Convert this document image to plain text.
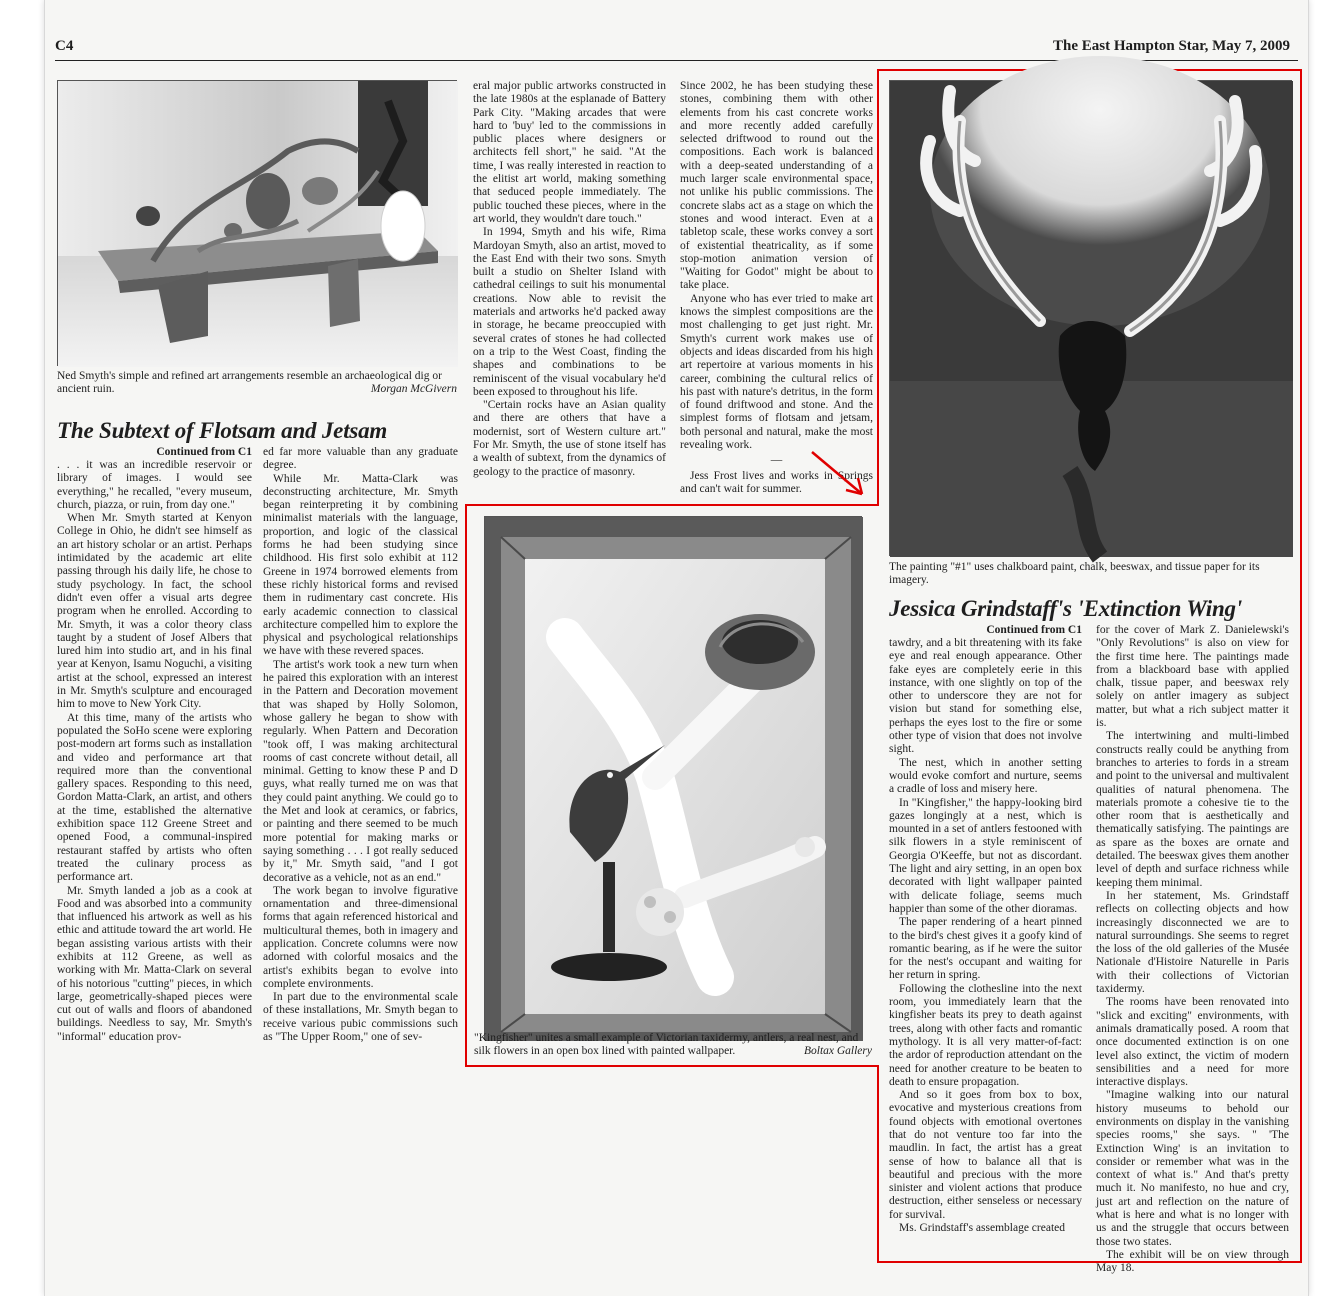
C4	The East Hampton Star, May 7, 2009
Ned Smyth's simple and refined art arrangements resemble an archaeological dig or ancient ruin.	Morgan McGivern
The Subtext of Flotsam and Jetsam
Continued from C1

. . . it was an incredible reservoir or library of images. I would see everything," he recalled, "every museum, church, piazza, or ruin, from day one."

When Mr. Smyth started at Kenyon College in Ohio, he didn't see himself as an art history scholar or an artist. Perhaps intimidated by the academic art elite passing through his daily life, he chose to study psychology. In fact, the school didn't even offer a visual arts degree program when he enrolled. According to Mr. Smyth, it was a color theory class taught by a student of Josef Albers that lured him into studio art, and in his final year at Kenyon, Isamu Noguchi, a visiting artist at the school, expressed an interest in Mr. Smyth's sculpture and encouraged him to move to New York City.

At this time, many of the artists who populated the SoHo scene were exploring post-modern art forms such as installation and video and performance art that required more than the conventional gallery spaces. Responding to this need, Gordon Matta-Clark, an artist, and others at the time, established the alternative exhibition space 112 Greene Street and opened Food, a communal-inspired restaurant staffed by artists who often treated the culinary process as performance art.

Mr. Smyth landed a job as a cook at Food and was absorbed into a community that influenced his artwork as well as his ethic and attitude toward the art world. He began assisting various artists with their exhibits at 112 Greene, as well as working with Mr. Matta-Clark on several of his notorious "cutting" pieces, in which large, geometrically-shaped pieces were cut out of walls and floors of abandoned buildings. Needless to say, Mr. Smyth's "informal" education prov-

ed far more valuable than any graduate degree.

While Mr. Matta-Clark was deconstructing architecture, Mr. Smyth began reinterpreting it by combining minimalist materials with the language, proportion, and logic of the classical forms he had been studying since childhood. His first solo exhibit at 112 Greene in 1974 borrowed elements from these richly historical forms and revised them in rudimentary cast concrete. His early academic connection to classical architecture compelled him to explore the physical and psychological relationships we have with these revered spaces.

The artist's work took a new turn when he paired this exploration with an interest in the Pattern and Decoration movement that was shaped by Holly Solomon, whose gallery he began to show with regularly. When Pattern and Decoration "took off, I was making architectural rooms of cast concrete without detail, all minimal. Getting to know these P and D guys, what really turned me on was that they could paint anything. We could go to the Met and look at ceramics, or fabrics, or painting and there seemed to be much more potential for making marks or saying something . . . I got really seduced by it," Mr. Smyth said, "and I got decorative as a vehicle, not as an end."

The work began to involve figurative ornamentation and three-dimensional forms that again referenced historical and multicultural themes, both in imagery and application. Concrete columns were now adorned with colorful mosaics and the artist's exhibits began to evolve into complete environments.

In part due to the environmental scale of these installations, Mr. Smyth began to receive various pubic commissions such as "The Upper Room," one of sev-

eral major public artworks constructed in the late 1980s at the esplanade of Battery Park City. "Making arcades that were hard to 'buy' led to the commissions in public places where designers or architects fell short," he said. "At the time, I was really interested in reaction to the elitist art world, making something that seduced people immediately. The public touched these pieces, where in the art world, they wouldn't dare touch."

In 1994, Smyth and his wife, Rima Mardoyan Smyth, also an artist, moved to the East End with their two sons. Smyth built a studio on Shelter Island with cathedral ceilings to suit his monumental creations. Now able to revisit the materials and artworks he'd packed away in storage, he became preoccupied with several crates of stones he had collected on a trip to the West Coast, finding the shapes and combinations to be reminiscent of the visual vocabulary he'd been exposed to throughout his life.

"Certain rocks have an Asian quality and there are others that have a modernist, sort of Western culture art." For Mr. Smyth, the use of stone itself has a wealth of subtext, from the dynamics of geology to the practice of masonry.

Since 2002, he has been studying these stones, combining them with other elements from his cast concrete works and more recently added carefully selected driftwood to round out the compositions. Each work is balanced with a deep-seated understanding of a much larger scale environmental space, not unlike his public commissions. The concrete slabs act as a stage on which the stones and wood interact. Even at a tabletop scale, these works convey a sort of existential theatricality, as if some stop-motion animation version of "Waiting for Godot" might be about to take place.

Anyone who has ever tried to make art knows the simplest compositions are the most challenging to get just right. Mr. Smyth's current work makes use of objects and ideas discarded from his high art repertoire at various moments in his career, combining the cultural relics of his past with nature's detritus, in the form of found driftwood and stone. And the simplest forms of flotsam and jetsam, both personal and natural, make the most revealing work.

—

Jess Frost lives and works in Springs and can't wait for summer.

The painting "#1" uses chalkboard paint, chalk, beeswax, and tissue paper for its imagery.
Jessica Grindstaff's 'Extinction Wing'
"Kingfisher" unites a small example of Victorian taxidermy, antlers, a real nest, and silk flowers in an open box lined with painted wallpaper.	Boltax Gallery
Continued from C1

tawdry, and a bit threatening with its fake eye and real enough appearance. Other fake eyes are completely eerie in this instance, with one slightly on top of the other to underscore they are not for vision but stand for something else, perhaps the eyes lost to the fire or some other type of vision that does not involve sight.

The nest, which in another setting would evoke comfort and nurture, seems a cradle of loss and misery here.

In "Kingfisher," the happy-looking bird gazes longingly at a nest, which is mounted in a set of antlers festooned with silk flowers in a style reminiscent of Georgia O'Keeffe, but not as discordant. The light and airy setting, in an open box decorated with light wallpaper painted with delicate foliage, seems much happier than some of the other dioramas.

The paper rendering of a heart pinned to the bird's chest gives it a goofy kind of romantic bearing, as if he were the suitor for the nest's occupant and waiting for her return in spring.

Following the clothesline into the next room, you immediately learn that the kingfisher beats its prey to death against trees, along with other facts and romantic mythology. It is all very matter-of-fact: the ardor of reproduction attendant on the need for another creature to be beaten to death to ensure propagation.

And so it goes from box to box, evocative and mysterious creations from found objects with emotional overtones that do not venture too far into the maudlin. In fact, the artist has a great sense of how to balance all that is beautiful and precious with the more sinister and violent actions that produce destruction, either senseless or necessary for survival.

Ms. Grindstaff's assemblage created

for the cover of Mark Z. Danielewski's "Only Revolutions" is also on view for the first time here. The paintings made from a blackboard base with applied chalk, tissue paper, and beeswax rely solely on antler imagery as subject matter, but what a rich subject matter it is.

The intertwining and multi-limbed constructs really could be anything from branches to arteries to fords in a stream and point to the universal and multivalent qualities of natural phenomena. The materials promote a cohesive tie to the other room that is aesthetically and thematically satisfying. The paintings are as spare as the boxes are ornate and detailed. The beeswax gives them another level of depth and surface richness while keeping them minimal.

In her statement, Ms. Grindstaff reflects on collecting objects and how increasingly disconnected we are to natural surroundings. She seems to regret the loss of the old galleries of the Musée Nationale d'Histoire Naturelle in Paris with their collections of Victorian taxidermy.

The rooms have been renovated into "slick and exciting" environments, with animals dramatically posed. A room that once documented extinction is on one level also extinct, the victim of modern sensibilities and a need for more interactive displays.

"Imagine walking into our natural history museums to behold our environments on display in the vanishing species rooms," she says. " 'The Extinction Wing' is an invitation to consider or remember what was in the context of what is." And that's pretty much it. No manifesto, no hue and cry, just art and reflection on the nature of what is here and what is no longer with us and the struggle that occurs between those two states.

The exhibit will be on view through May 18.
